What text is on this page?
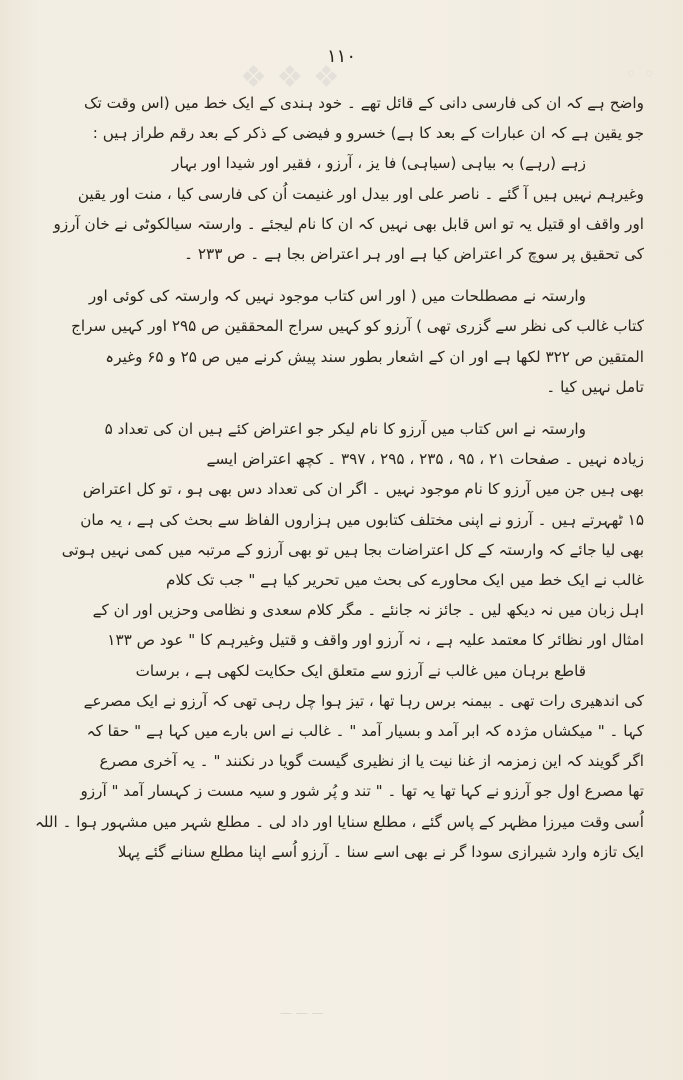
❖ ❖ ❖	◦ ◦
۱۱۰
واضح ہے کہ ان کی فارسی دانی کے قائل تھے ۔ خود ہندی کے ایک خط میں (اس وقت تک
جو یقین ہے کہ ان عبارات کے بعد کا ہے) خسرو و فیضی کے ذکر کے بعد رقم طراز ہیں :
زہے (رہے) بہ بیاہی (سیاہی) فا یز ، آرزو ، فقیر اور شیدا اور بہار
وغیرہم نہیں ہیں آ گئے ۔ ناصر علی اور بیدل اور غنیمت اُن کی فارسی کیا ، منت اور یقین
اور واقف او قتیل یہ تو اس قابل بھی نہیں کہ ان کا نام لیجئے ۔ وارستہ سیالکوٹی نے خان آرزو
کی تحقیق پر سوچ کر اعتراض کیا ہے اور ہر اعتراض بجا ہے ۔ ص ۲۳۳ ۔
وارستہ نے مصطلحات میں ( اور اس کتاب موجود نہیں کہ وارستہ کی کوئی اور
کتاب غالب کی نظر سے گزری تھی ) آرزو کو کہیں سراج المحققین ص ۲۹۵ اور کہیں سراج
المتقین ص ۳۲۲ لکھا ہے اور ان کے اشعار بطور سند پیش کرنے میں ص ۲۵ و ۶۵ وغیرہ
تامل نہیں کیا ۔
وارستہ نے اس کتاب میں آرزو کا نام لیکر جو اعتراض کئے ہیں ان کی تعداد ۵
زیادہ نہیں ۔ صفحات ۲۱ ، ۹۵ ، ۲۳۵ ، ۲۹۵ ، ۳۹۷ ۔ کچھ اعتراض ایسے
بھی ہیں جن میں آرزو کا نام موجود نہیں ۔ اگر ان کی تعداد دس بھی ہو ، تو کل اعتراض
۱۵ ٹھہرتے ہیں ۔ آرزو نے اپنی مختلف کتابوں میں ہزاروں الفاظ سے بحث کی ہے ، یہ مان
بھی لیا جائے کہ وارستہ کے کل اعتراضات بجا ہیں تو بھی آرزو کے مرتبہ میں کمی نہیں ہوتی
غالب نے ایک خط میں ایک محاورے کی بحث میں تحریر کیا ہے " جب تک کلام
اہل زبان میں نہ دیکھ لیں ۔ جائز نہ جانئے ۔ مگر کلام سعدی و نظامی وحزیں اور ان کے
امثال اور نظائر کا معتمد علیہ ہے ، نہ آرزو اور واقف و قتیل وغیرہم کا " عود ص ۱۳۳
قاطع برہان میں غالب نے آرزو سے متعلق ایک حکایت لکھی ہے ، برسات
کی اندھیری رات تھی ۔ بیمنہ برس رہا تھا ، تیز ہوا چل رہی تھی کہ آرزو نے ایک مصرعے
کہا ۔ " میکشاں مژدہ کہ ابر آمد و بسیار آمد " ۔ غالب نے اس بارے میں کہا ہے " حقا کہ
اگر گویند کہ این زمزمہ از غنا نیت یا از نظیری گیست گویا در نکنند " ۔ یہ آخری مصرع
تھا مصرع اول جو آرزو نے کہا تھا یہ تھا ۔ " تند و پُر شور و سیہ مست ز کہسار آمد " آرزو
اُسی وقت میرزا مظہر کے پاس گئے ، مطلع سنایا اور داد لی ۔ مطلع شہر میں مشہور ہوا ۔ اللہ
ایک تازہ وارد شیرازی سودا گر نے بھی اسے سنا ۔ آرزو اُسے اپنا مطلع سنانے گئے پہلا
— — —
